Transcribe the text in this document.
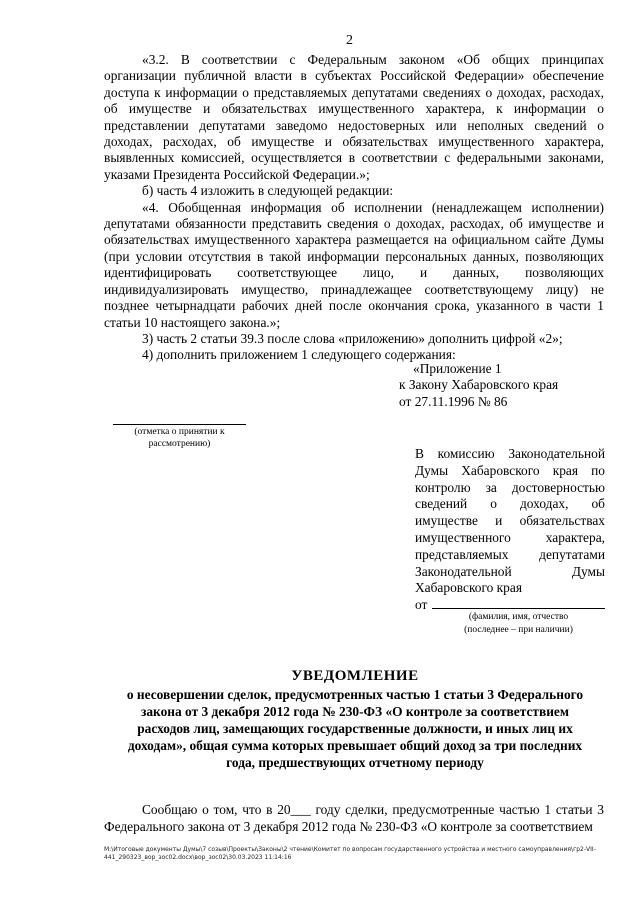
2

«3.2. В соответствии с Федеральным законом «Об общих принципах организации публичной власти в субъектах Российской Федерации» обеспечение доступа к информации о представляемых депутатами сведениях о доходах, расходах, об имуществе и обязательствах имущественного характера, к информации о представлении депутатами заведомо недостоверных или неполных сведений о доходах, расходах, об имуществе и обязательствах имущественного характера, выявленных комиссией, осуществляется в соответствии с федеральными законами, указами Президента Российской Федерации.»;

б) часть 4 изложить в следующей редакции:

«4. Обобщенная информация об исполнении (ненадлежащем исполнении) депутатами обязанности представить сведения о доходах, расходах, об имуществе и обязательствах имущественного характера размещается на официальном сайте Думы (при условии отсутствия в такой информации персональных данных, позволяющих идентифицировать соответствующее лицо, и данных, позволяющих индивидуализировать имущество, принадлежащее соответствующему лицу) не позднее четырнадцати рабочих дней после окончания срока, указанного в части 1 статьи 10 настоящего закона.»;

3) часть 2 статьи 39.3 после слова «приложению» дополнить цифрой «2»;

4) дополнить приложением 1 следующего содержания:

«Приложение 1
к Закону Хабаровского края
от 27.11.1996 № 86
(отметка о принятии к рассмотрению)

В комиссию Законодательной Думы Хабаровского края по контролю за достоверностью сведений о доходах, об имуществе и обязательствах имущественного характера, представляемых депутатами Законодательной Думы Хабаровского края

от
(фамилия, имя, отчество
(последнее – при наличии)
УВЕДОМЛЕНИЕ

о несовершении сделок, предусмотренных частью 1 статьи 3 Федерального

закона от 3 декабря 2012 года № 230-ФЗ «О контроле за соответствием

расходов лиц, замещающих государственные должности, и иных лиц их

доходам», общая сумма которых превышает общий доход за три последних

года, предшествующих отчетному периоду

Сообщаю о том, что в 20___ году сделки, предусмотренные частью 1 статьи 3 Федерального закона от 3 декабря 2012 года № 230-ФЗ «О контроле за соответствием

М:\Итоговые документы Думы\7 созыв\Проекты\Законы\2 чтение\Комитет по вопросам государственного устройства и местного самоуправления\гр2-VII-441_290323_вор_зос02.docx\вор_зос02\30.03.2023 11:14:16
